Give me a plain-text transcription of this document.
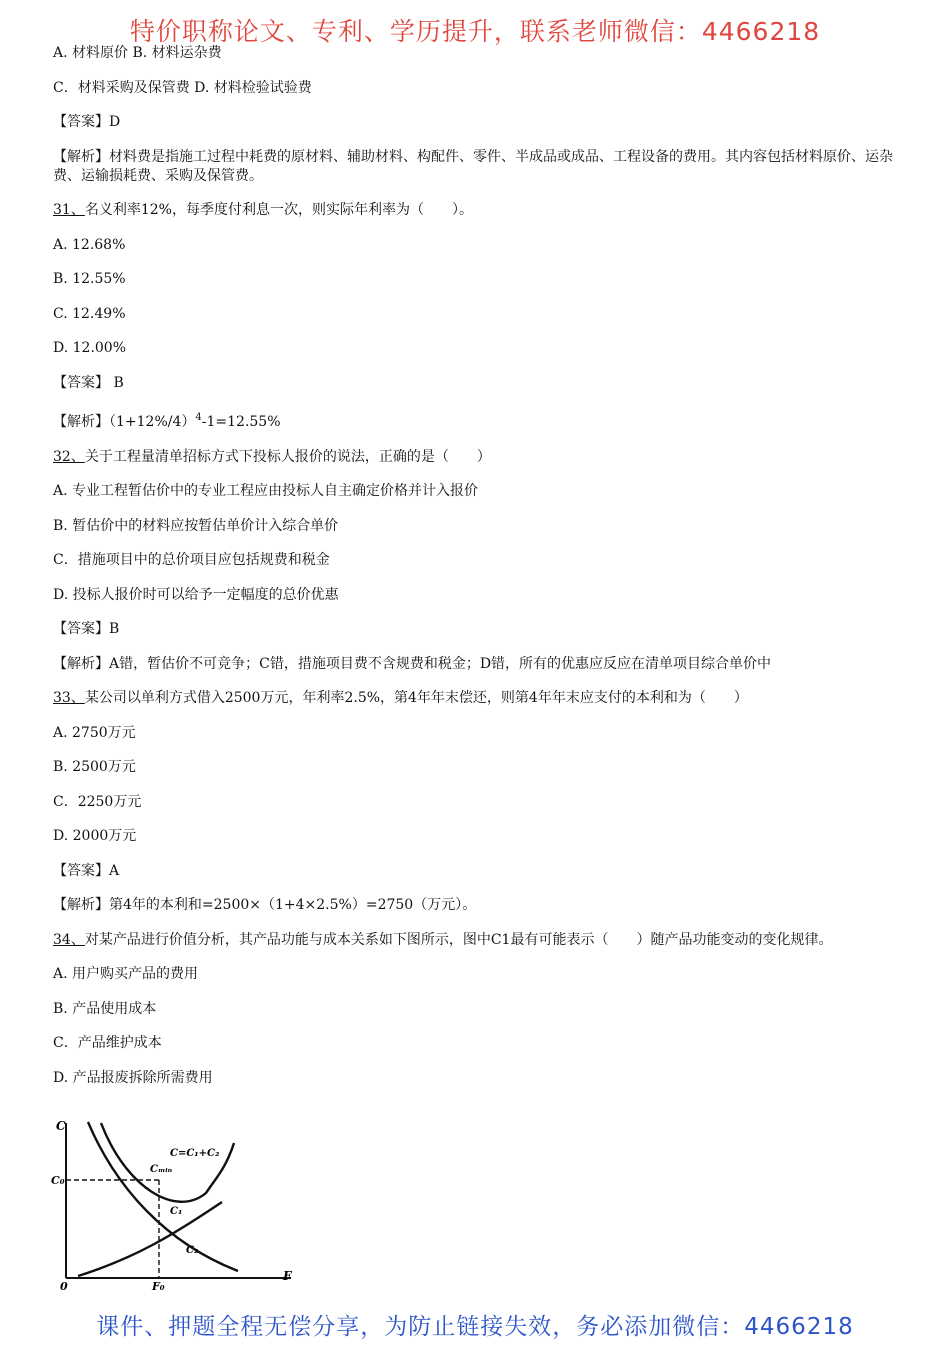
特价职称论文、专利、学历提升，联系老师微信：4466218

A. 材料原价 B. 材料运杂费

C．材料采购及保管费 D. 材料检验试验费

【答案】D

【解析】材料费是指施工过程中耗费的原材料、辅助材料、构配件、零件、半成品或成品、工程设备的费用。其内容包括材料原价、运杂费、运输损耗费、采购及保管费。

31、名义利率12%，每季度付利息一次，则实际年利率为（　　）。

A. 12.68%

B. 12.55%

C. 12.49%

D. 12.00%

【答案】 B

【解析】$(1+12\%/4)^4-1=12.55\%$

32、关于工程量清单招标方式下投标人报价的说法，正确的是（　　）

A. 专业工程暂估价中的专业工程应由投标人自主确定价格并计入报价

B. 暂估价中的材料应按暂估单价计入综合单价

C．措施项目中的总价项目应包括规费和税金

D. 投标人报价时可以给予一定幅度的总价优惠

【答案】B

【解析】A错，暂估价不可竞争；C错，措施项目费不含规费和税金；D错，所有的优惠应反应在清单项目综合单价中

33、某公司以单利方式借入2500万元，年利率2.5%，第4年年末偿还，则第4年年末应支付的本利和为（　　）

A. 2750万元

B. 2500万元

C．2250万元

D. 2000万元

【答案】A

【解析】第4年的本利和=2500×（1+4×2.5%）=2750（万元）。

34、对某产品进行价值分析，其产品功能与成本关系如下图所示，图中C1最有可能表示（　　）随产品功能变动的变化规律。

A. 用户购买产品的费用

B. 产品使用成本

C．产品维护成本

D. 产品报废拆除所需费用

C
F
0
C₀
F₀
C=C₁+C₂
Cₘᵢₙ
C₁
C₂
课件、押题全程无偿分享，为防止链接失效，务必添加微信：4466218
